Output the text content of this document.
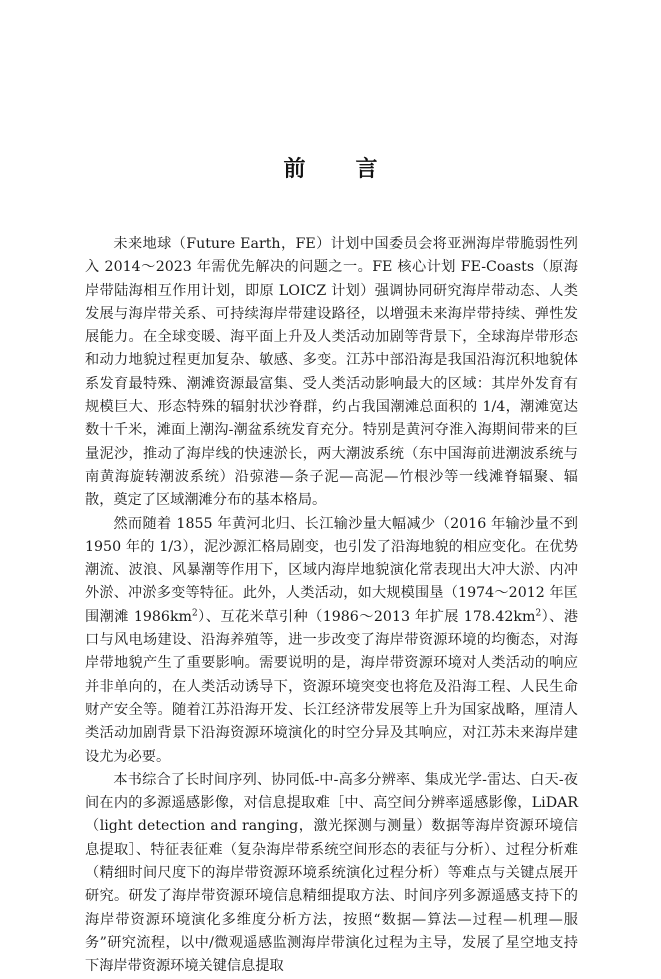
前 言

未来地球（Future Earth，FE）计划中国委员会将亚洲海岸带脆弱性列入 2014～2023 年需优先解决的问题之一。FE 核心计划 FE-Coasts（原海岸带陆海相互作用计划，即原 LOICZ 计划）强调协同研究海岸带动态、人类发展与海岸带关系、可持续海岸带建设路径，以增强未来海岸带持续、弹性发展能力。在全球变暖、海平面上升及人类活动加剧等背景下，全球海岸带形态和动力地貌过程更加复杂、敏感、多变。江苏中部沿海是我国沿海沉积地貌体系发育最特殊、潮滩资源最富集、受人类活动影响最大的区域：其岸外发育有规模巨大、形态特殊的辐射状沙脊群，约占我国潮滩总面积的 1/4，潮滩宽达数十千米，滩面上潮沟-潮盆系统发育充分。特别是黄河夺淮入海期间带来的巨量泥沙，推动了海岸线的快速淤长，两大潮波系统（东中国海前进潮波系统与南黄海旋转潮波系统）沿弶港—条子泥—高泥—竹根沙等一线滩脊辐聚、辐散，奠定了区域潮滩分布的基本格局。

然而随着 1855 年黄河北归、长江输沙量大幅减少（2016 年输沙量不到 1950 年的 1/3），泥沙源汇格局剧变，也引发了沿海地貌的相应变化。在优势潮流、波浪、风暴潮等作用下，区域内海岸地貌演化常表现出大冲大淤、内冲外淤、冲淤多变等特征。此外，人类活动，如大规模围垦（1974～2012 年匡围潮滩 $1986km^2$）、互花米草引种（1986～2013 年扩展 $178.42km^2$）、港口与风电场建设、沿海养殖等，进一步改变了海岸带资源环境的均衡态，对海岸带地貌产生了重要影响。需要说明的是，海岸带资源环境对人类活动的响应并非单向的，在人类活动诱导下，资源环境突变也将危及沿海工程、人民生命财产安全等。随着江苏沿海开发、长江经济带发展等上升为国家战略，厘清人类活动加剧背景下沿海资源环境演化的时空分异及其响应，对江苏未来海岸建设尤为必要。

本书综合了长时间序列、协同低-中-高多分辨率、集成光学-雷达、白天-夜间在内的多源遥感影像，对信息提取难［中、高空间分辨率遥感影像，LiDAR（light detection and ranging，激光探测与测量）数据等海岸资源环境信息提取］、特征表征难（复杂海岸带系统空间形态的表征与分析）、过程分析难（精细时间尺度下的海岸带资源环境系统演化过程分析）等难点与关键点展开研究。研发了海岸带资源环境信息精细提取方法、时间序列多源遥感支持下的海岸带资源环境演化多维度分析方法，按照“数据—算法—过程—机理—服务”研究流程，以中/微观遥感监测海岸带演化过程为主导，发展了星空地支持下海岸带资源环境关键信息提取
